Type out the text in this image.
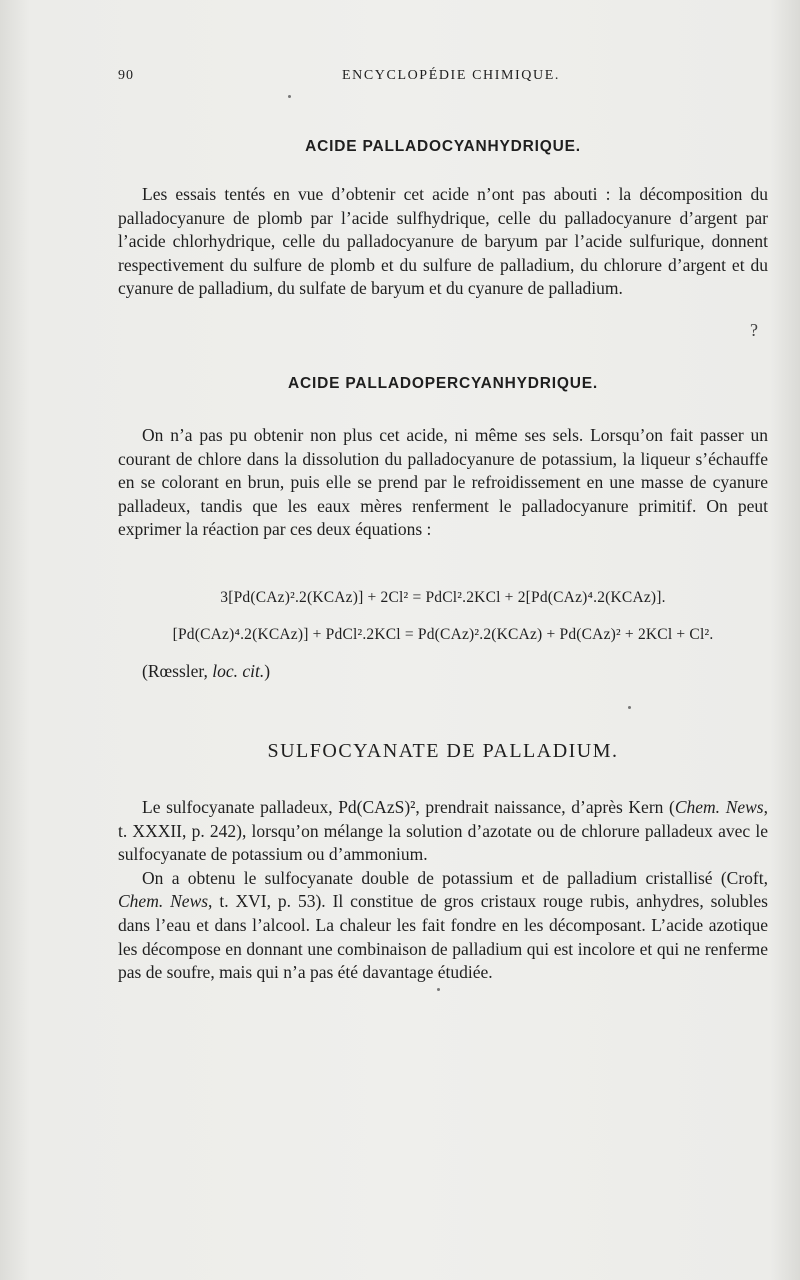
90	ENCYCLOPÉDIE CHIMIQUE.
ACIDE PALLADOCYANHYDRIQUE.

Les essais tentés en vue d’obtenir cet acide n’ont pas abouti : la décomposition du palladocyanure de plomb par l’acide sulfhydrique, celle du palladocyanure d’argent par l’acide chlorhydrique, celle du palladocyanure de baryum par l’acide sulfurique, donnent respectivement du sulfure de plomb et du sulfure de palladium, du chlorure d’argent et du cyanure de palladium, du sulfate de baryum et du cyanure de palladium.

?
ACIDE PALLADOPERCYANHYDRIQUE.

On n’a pas pu obtenir non plus cet acide, ni même ses sels. Lorsqu’on fait passer un courant de chlore dans la dissolution du palladocyanure de potassium, la liqueur s’échauffe en se colorant en brun, puis elle se prend par le refroidissement en une masse de cyanure palladeux, tandis que les eaux mères renferment le palladocyanure primitif. On peut exprimer la réaction par ces deux équations :

3[Pd(CAz)².2(KCAz)] + 2Cl² = PdCl².2KCl + 2[Pd(CAz)⁴.2(KCAz)].
[Pd(CAz)⁴.2(KCAz)] + PdCl².2KCl = Pd(CAz)².2(KCAz) + Pd(CAz)² + 2KCl + Cl².

(Rœssler, loc. cit.)

SULFOCYANATE DE PALLADIUM.

Le sulfocyanate palladeux, Pd(CAzS)², prendrait naissance, d’après Kern (Chem. News, t. XXXII, p. 242), lorsqu’on mélange la solution d’azotate ou de chlorure palladeux avec le sulfocyanate de potassium ou d’ammonium.

On a obtenu le sulfocyanate double de potassium et de palladium cristallisé (Croft, Chem. News, t. XVI, p. 53). Il constitue de gros cristaux rouge rubis, anhydres, solubles dans l’eau et dans l’alcool. La chaleur les fait fondre en les décomposant. L’acide azotique les décompose en donnant une combinaison de palladium qui est incolore et qui ne renferme pas de soufre, mais qui n’a pas été davantage étudiée.
